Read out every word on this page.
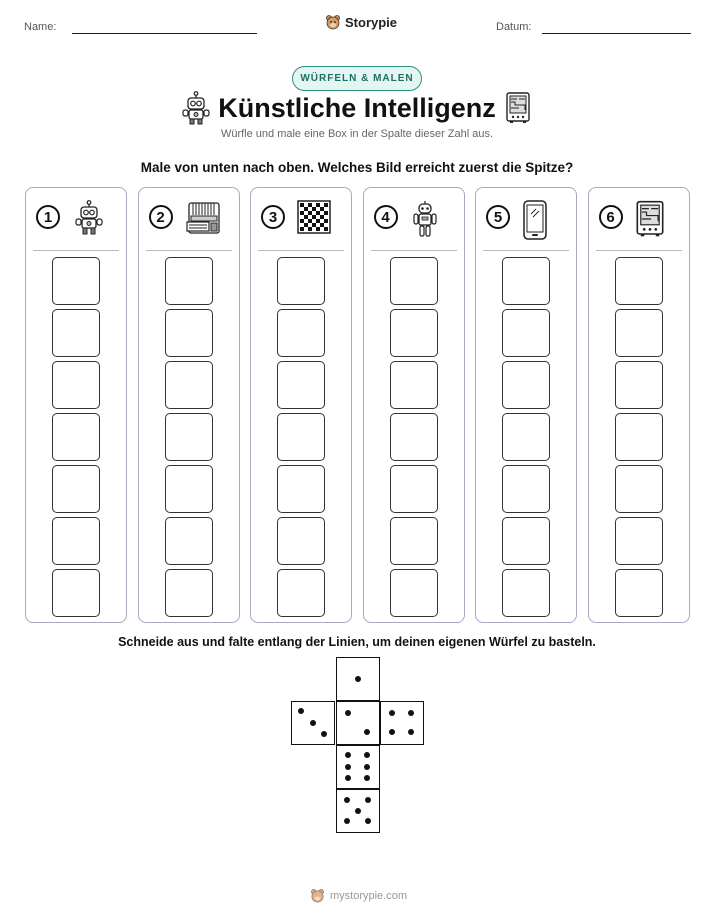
Name:	Storypie	Datum:
WÜRFELN & MALEN
Künstliche Intelligenz
Würfle und male eine Box in der Spalte dieser Zahl aus.
Male von unten nach oben. Welches Bild erreicht zuerst die Spitze?
1	2	3	4	5	6
Schneide aus und falte entlang der Linien, um deinen eigenen Würfel zu basteln.
mystorypie.com
